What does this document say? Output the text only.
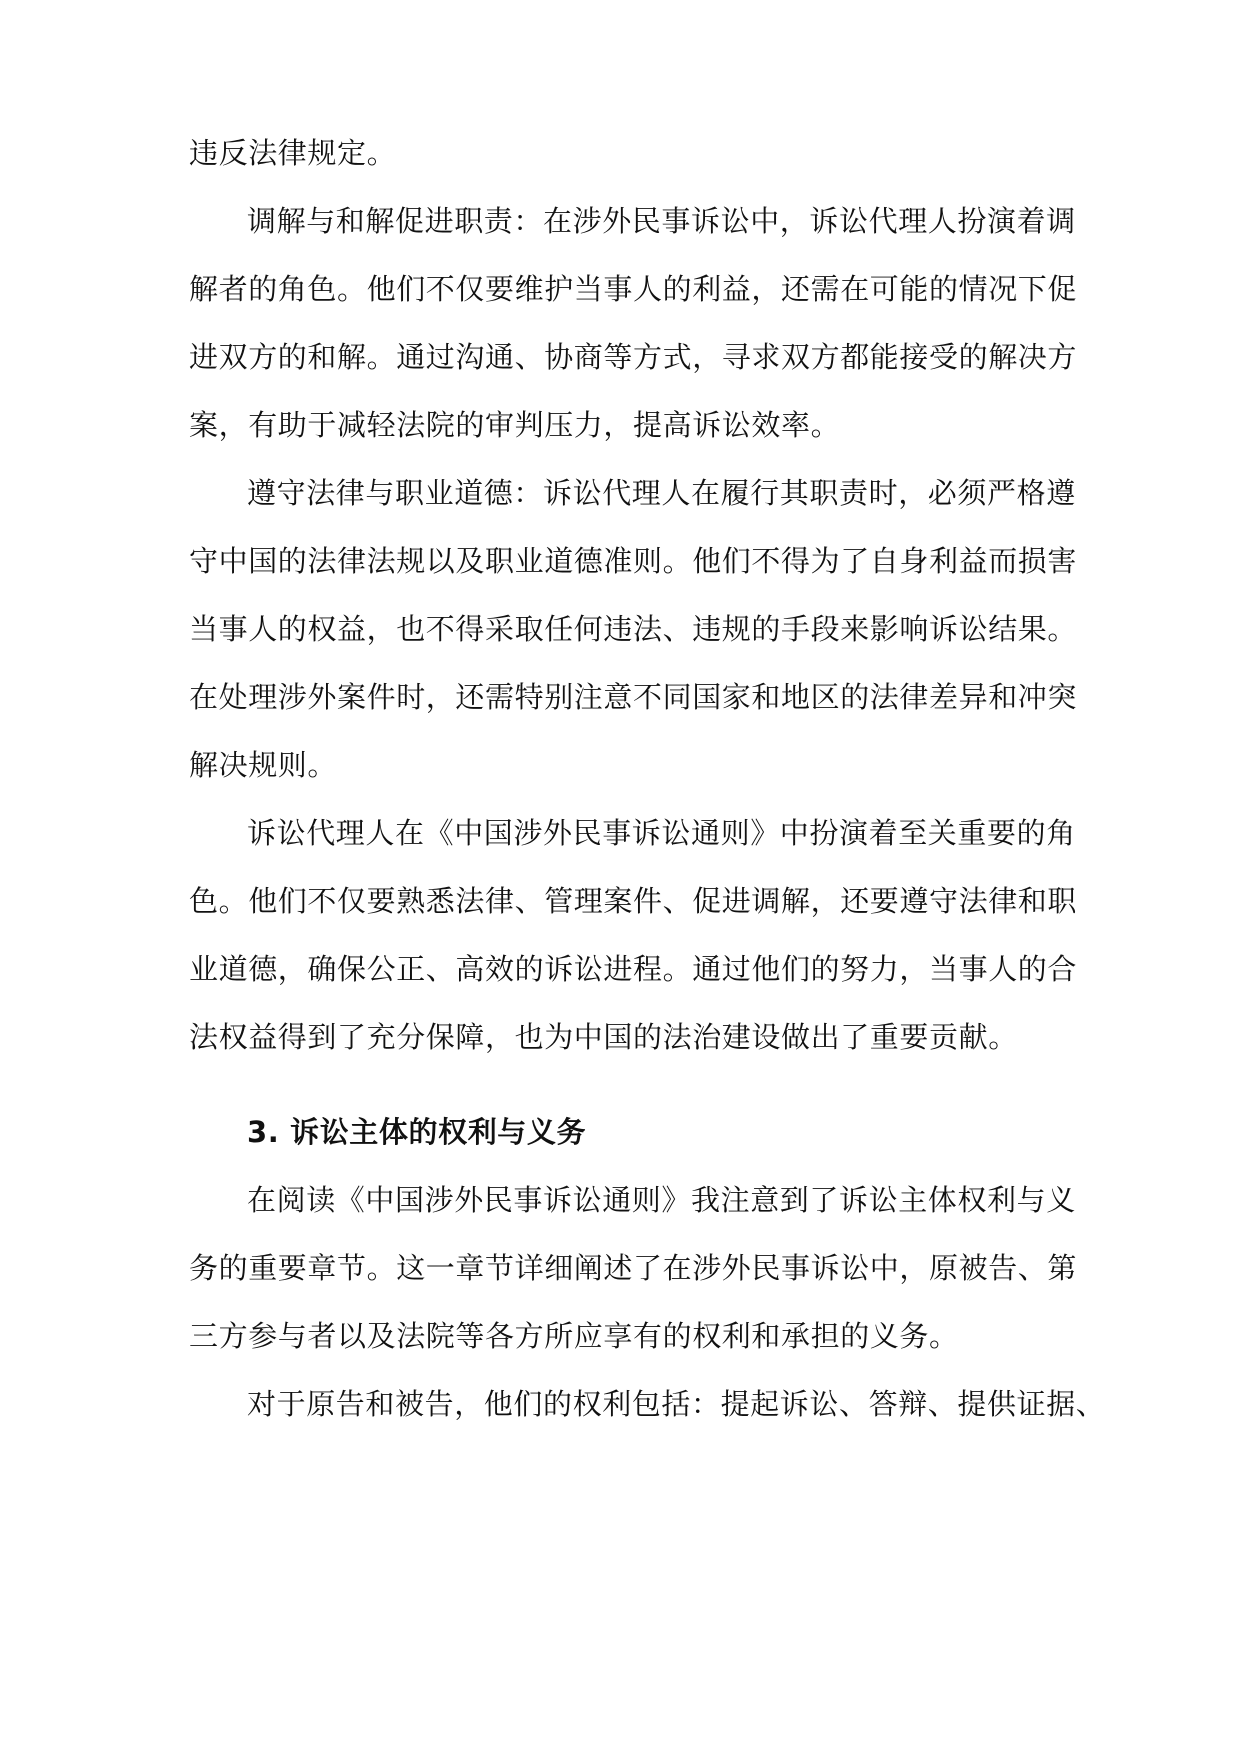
违反法律规定。
调解与和解促进职责：在涉外民事诉讼中，诉讼代理人扮演着调
解者的角色。他们不仅要维护当事人的利益，还需在可能的情况下促
进双方的和解。通过沟通、协商等方式，寻求双方都能接受的解决方
案，有助于减轻法院的审判压力，提高诉讼效率。
遵守法律与职业道德：诉讼代理人在履行其职责时，必须严格遵
守中国的法律法规以及职业道德准则。他们不得为了自身利益而损害
当事人的权益，也不得采取任何违法、违规的手段来影响诉讼结果。
在处理涉外案件时，还需特别注意不同国家和地区的法律差异和冲突
解决规则。
诉讼代理人在《中国涉外民事诉讼通则》中扮演着至关重要的角
色。他们不仅要熟悉法律、管理案件、促进调解，还要遵守法律和职
业道德，确保公正、高效的诉讼进程。通过他们的努力，当事人的合
法权益得到了充分保障，也为中国的法治建设做出了重要贡献。
3. 诉讼主体的权利与义务
在阅读《中国涉外民事诉讼通则》我注意到了诉讼主体权利与义
务的重要章节。这一章节详细阐述了在涉外民事诉讼中，原被告、第
三方参与者以及法院等各方所应享有的权利和承担的义务。
对于原告和被告，他们的权利包括：提起诉讼、答辩、提供证据、
